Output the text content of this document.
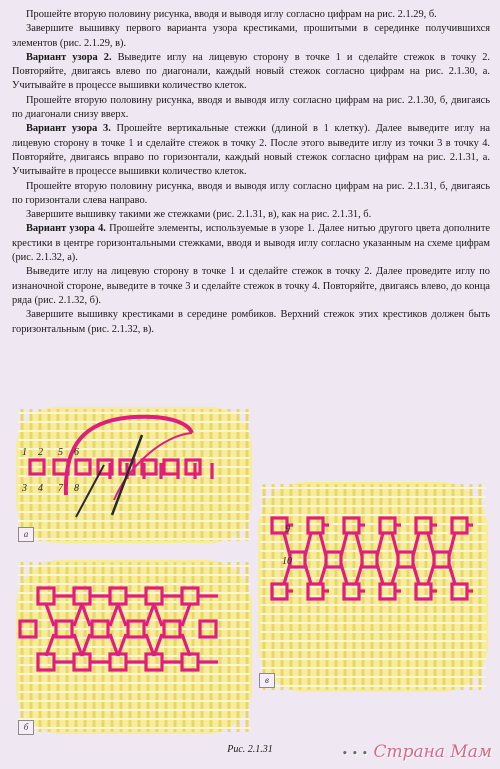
Прошейте вторую половину рисунка, вводя и выводя иглу согласно цифрам на рис. 2.1.29, б.

Завершите вышивку первого варианта узора крестиками, прошитыми в серединке получившихся элементов (рис. 2.1.29, в).

Вариант узора 2. Выведите иглу на лицевую сторону в точке 1 и сделайте стежок в точку 2. Повторяйте, двигаясь влево по диагонали, каждый новый стежок согласно цифрам на рис. 2.1.30, а. Учитывайте в процессе вышивки количество клеток.

Прошейте вторую половину рисунка, вводя и выводя иглу согласно цифрам на рис. 2.1.30, б, двигаясь по диагонали снизу вверх.

Вариант узора 3. Прошейте вертикальные стежки (длиной в 1 клетку). Далее выведите иглу на лицевую сторону в точке 1 и сделайте стежок в точку 2. После этого выведите иглу из точки 3 в точку 4. Повторяйте, двигаясь вправо по горизонтали, каждый новый стежок согласно цифрам на рис. 2.1.31, а. Учитывайте в процессе вышивки количество клеток.

Прошейте вторую половину рисунка, вводя и выводя иглу согласно цифрам на рис. 2.1.31, б, двигаясь по горизонтали слева направо.

Завершите вышивку такими же стежками (рис. 2.1.31, в), как на рис. 2.1.31, б.

Вариант узора 4. Прошейте элементы, используемые в узоре 1. Далее нитью другого цвета дополните крестики в центре горизонтальными стежками, вводя и выводя иглу согласно указанным на схеме цифрам (рис. 2.1.32, а).

Выведите иглу на лицевую сторону в точке 1 и сделайте стежок в точку 2. Далее проведите иглу по изнаночной стороне, выведите в точке 3 и сделайте стежок в точку 4. Повторяйте, двигаясь влево, до конца ряда (рис. 2.1.32, б).

Завершите вышивку крестиками в середине ромбиков. Верхний стежок этих крестиков должен быть горизонтальным (рис. 2.1.32, в).

1 2 5 6
3 4 7 8
а
б
9
10
в
Рис. 2.1.31	• • • Страна Мам
